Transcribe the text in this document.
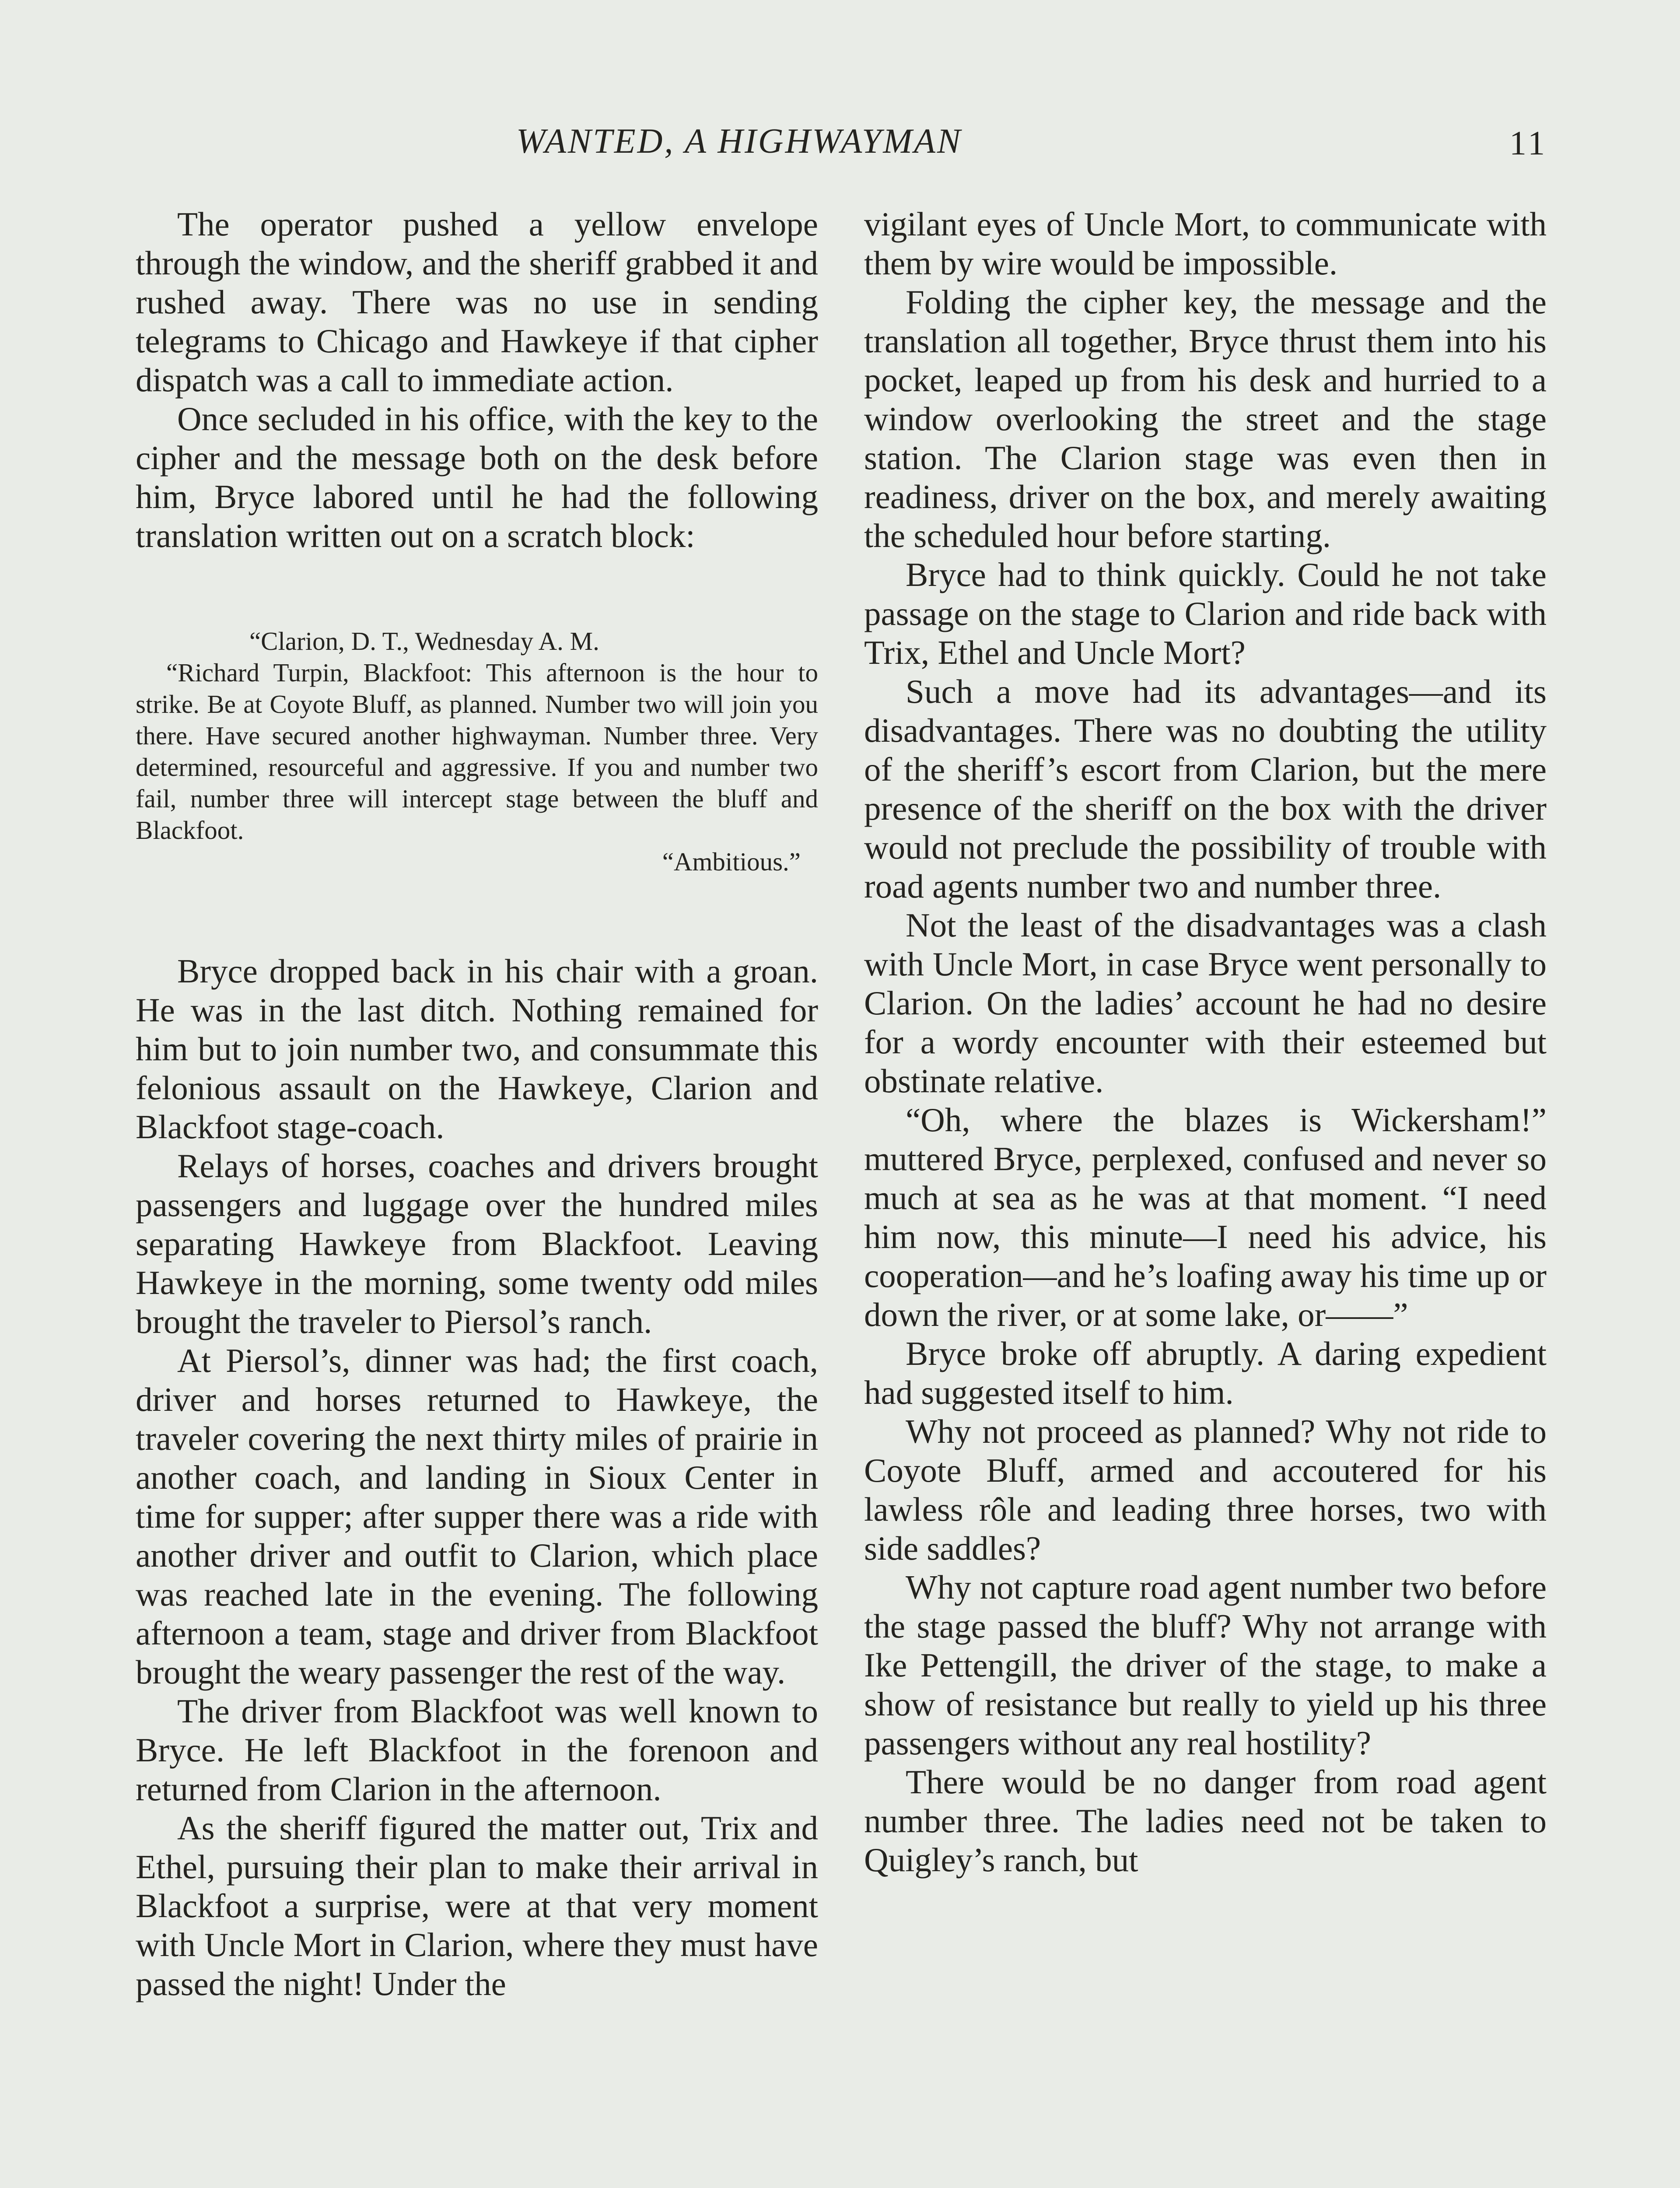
WANTED, A HIGHWAYMAN	11

The operator pushed a yellow envelope through the window, and the sheriff grabbed it and rushed away. There was no use in sending telegrams to Chicago and Hawkeye if that cipher dispatch was a call to immediate action.

Once secluded in his office, with the key to the cipher and the message both on the desk before him, Bryce labored until he had the following translation written out on a scratch block:

“Clarion, D. T., Wednesday A. M.
“Richard Turpin, Blackfoot: This afternoon is the hour to strike. Be at Coyote Bluff, as planned. Number two will join you there. Have secured another highwayman. Number three. Very determined, resourceful and aggressive. If you and number two fail, number three will intercept stage between the bluff and Blackfoot.
“Ambitious.”

Bryce dropped back in his chair with a groan. He was in the last ditch. Nothing remained for him but to join number two, and consummate this felonious assault on the Hawkeye, Clarion and Blackfoot stage-coach.

Relays of horses, coaches and drivers brought passengers and luggage over the hundred miles separating Hawkeye from Blackfoot. Leaving Hawkeye in the morning, some twenty odd miles brought the traveler to Piersol’s ranch.

At Piersol’s, dinner was had; the first coach, driver and horses returned to Hawkeye, the traveler covering the next thirty miles of prairie in another coach, and landing in Sioux Center in time for supper; after supper there was a ride with another driver and outfit to Clarion, which place was reached late in the evening. The following afternoon a team, stage and driver from Blackfoot brought the weary passenger the rest of the way.

The driver from Blackfoot was well known to Bryce. He left Blackfoot in the forenoon and returned from Clarion in the afternoon.

As the sheriff figured the matter out, Trix and Ethel, pursuing their plan to make their arrival in Blackfoot a surprise, were at that very moment with Uncle Mort in Clarion, where they must have passed the night! Under the

vigilant eyes of Uncle Mort, to communicate with them by wire would be impossible.

Folding the cipher key, the message and the translation all together, Bryce thrust them into his pocket, leaped up from his desk and hurried to a window overlooking the street and the stage station. The Clarion stage was even then in readiness, driver on the box, and merely awaiting the scheduled hour before starting.

Bryce had to think quickly. Could he not take passage on the stage to Clarion and ride back with Trix, Ethel and Uncle Mort?

Such a move had its advantages—and its disadvantages. There was no doubting the utility of the sheriff’s escort from Clarion, but the mere presence of the sheriff on the box with the driver would not preclude the possibility of trouble with road agents number two and number three.

Not the least of the disadvantages was a clash with Uncle Mort, in case Bryce went personally to Clarion. On the ladies’ account he had no desire for a wordy encounter with their esteemed but obstinate relative.

“Oh, where the blazes is Wickersham!” muttered Bryce, perplexed, confused and never so much at sea as he was at that moment. “I need him now, this minute—I need his advice, his cooperation—and he’s loafing away his time up or down the river, or at some lake, or——”

Bryce broke off abruptly. A daring expedient had suggested itself to him.

Why not proceed as planned? Why not ride to Coyote Bluff, armed and accoutered for his lawless rôle and leading three horses, two with side saddles?

Why not capture road agent number two before the stage passed the bluff? Why not arrange with Ike Pettengill, the driver of the stage, to make a show of resistance but really to yield up his three passengers without any real hostility?

There would be no danger from road agent number three. The ladies need not be taken to Quigley’s ranch, but
